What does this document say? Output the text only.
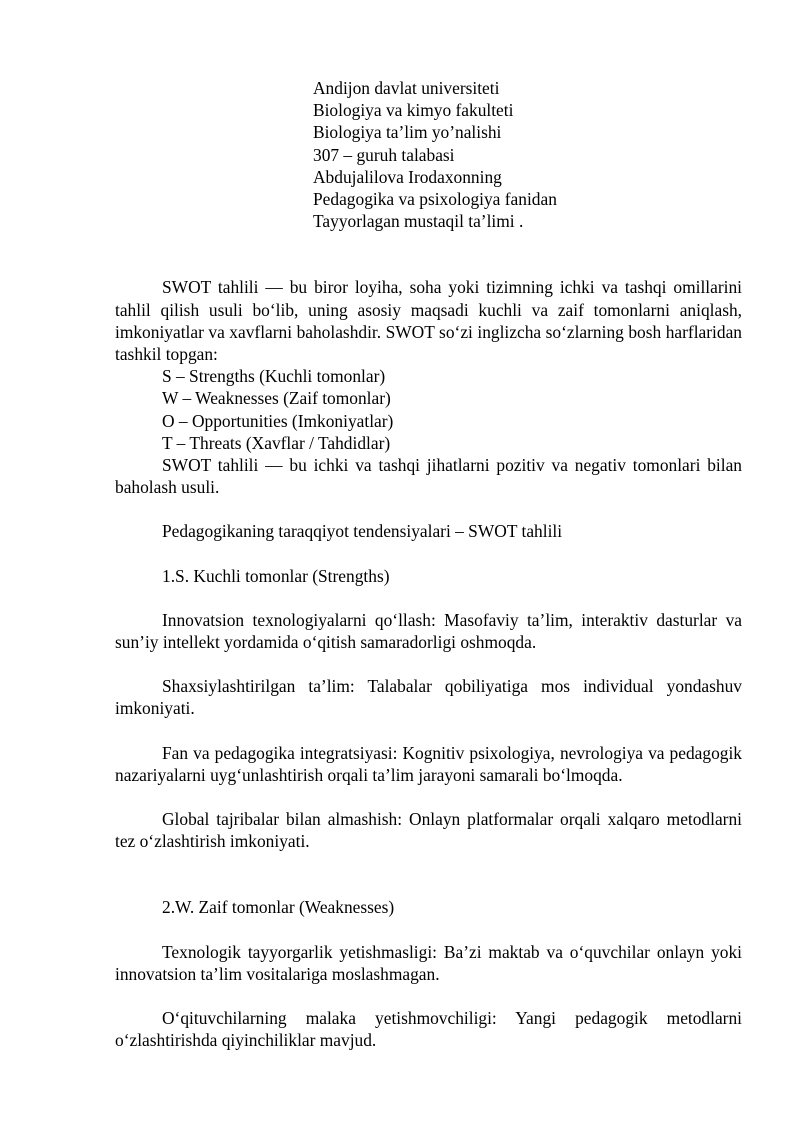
Andijon davlat universiteti
Biologiya va kimyo fakulteti
Biologiya ta’lim yo’nalishi
307 – guruh talabasi
Abdujalilova Irodaxonning
Pedagogika va psixologiya fanidan
Tayyorlagan mustaqil ta’limi .

SWOT tahlili — bu biror loyiha, soha yoki tizimning ichki va tashqi omillarini tahlil qilish usuli bo‘lib, uning asosiy maqsadi kuchli va zaif tomonlarni aniqlash, imkoniyatlar va xavflarni baholashdir. SWOT so‘zi inglizcha so‘zlarning bosh harflaridan tashkil topgan:

S – Strengths (Kuchli tomonlar)
W – Weaknesses (Zaif tomonlar)
O – Opportunities (Imkoniyatlar)
T – Threats (Xavflar / Tahdidlar)

SWOT tahlili — bu ichki va tashqi jihatlarni pozitiv va negativ tomonlari bilan baholash usuli.

Pedagogikaning taraqqiyot tendensiyalari – SWOT tahlili
1.S. Kuchli tomonlar (Strengths)

Innovatsion texnologiyalarni qo‘llash: Masofaviy ta’lim, interaktiv dasturlar va sun’iy intellekt yordamida o‘qitish samaradorligi oshmoqda.

Shaxsiylashtirilgan ta’lim: Talabalar qobiliyatiga mos individual yondashuv imkoniyati.

Fan va pedagogika integratsiyasi: Kognitiv psixologiya, nevrologiya va pedagogik nazariyalarni uyg‘unlashtirish orqali ta’lim jarayoni samarali bo‘lmoqda.

Global tajribalar bilan almashish: Onlayn platformalar orqali xalqaro metodlarni tez o‘zlashtirish imkoniyati.

2.W. Zaif tomonlar (Weaknesses)

Texnologik tayyorgarlik yetishmasligi: Ba’zi maktab va o‘quvchilar onlayn yoki innovatsion ta’lim vositalariga moslashmagan.

O‘qituvchilarning malaka yetishmovchiligi: Yangi pedagogik metodlarni o‘zlashtirishda qiyinchiliklar mavjud.
